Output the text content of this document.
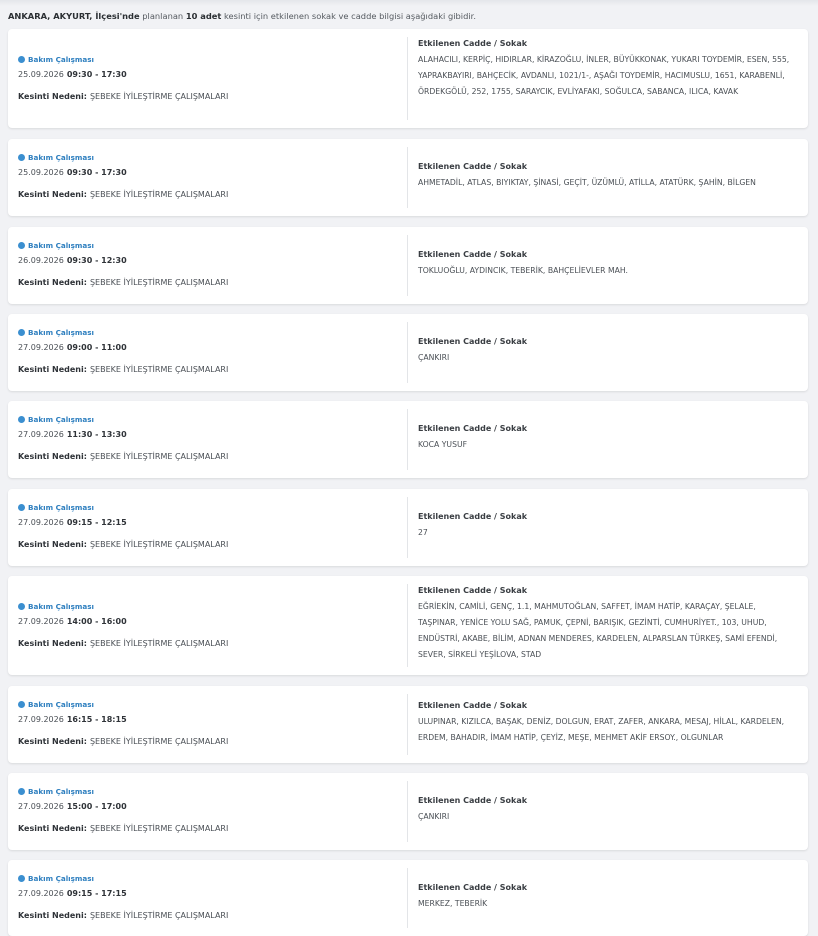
ANKARA, AKYURT, İlçesi'nde planlanan 10 adet kesinti için etkilenen sokak ve cadde bilgisi aşağıdaki gibidir.
Bakım Çalışması
25.09.2026 09:30 - 17:30
Kesinti Nedeni: ŞEBEKE İYİLEŞTİRME ÇALIŞMALARI
Etkilenen Cadde / Sokak
ALAHACILI, KERPİÇ, HIDIRLAR, KİRAZOĞLU, İNLER, BÜYÜKKONAK, YUKARI TOYDEMİR, ESEN, 555, YAPRAKBAYIRI, BAHÇECİK, AVDANLI, 1021/1-, AŞAĞI TOYDEMİR, HACIMUSLU, 1651, KARABENLİ, ÖRDEKGÖLÜ, 252, 1755, SARAYCIK, EVLİYAFAKI, SOĞULCA, SABANCA, ILICA, KAVAK
Bakım Çalışması
25.09.2026 09:30 - 17:30
Kesinti Nedeni: ŞEBEKE İYİLEŞTİRME ÇALIŞMALARI
Etkilenen Cadde / Sokak
AHMETADİL, ATLAS, BIYIKTAY, ŞİNASİ, GEÇİT, ÜZÜMLÜ, ATİLLA, ATATÜRK, ŞAHİN, BİLGEN
Bakım Çalışması
26.09.2026 09:30 - 12:30
Kesinti Nedeni: ŞEBEKE İYİLEŞTİRME ÇALIŞMALARI
Etkilenen Cadde / Sokak
TOKLUOĞLU, AYDINCIK, TEBERİK, BAHÇELİEVLER MAH.
Bakım Çalışması
27.09.2026 09:00 - 11:00
Kesinti Nedeni: ŞEBEKE İYİLEŞTİRME ÇALIŞMALARI
Etkilenen Cadde / Sokak
ÇANKIRI
Bakım Çalışması
27.09.2026 11:30 - 13:30
Kesinti Nedeni: ŞEBEKE İYİLEŞTİRME ÇALIŞMALARI
Etkilenen Cadde / Sokak
KOCA YUSUF
Bakım Çalışması
27.09.2026 09:15 - 12:15
Kesinti Nedeni: ŞEBEKE İYİLEŞTİRME ÇALIŞMALARI
Etkilenen Cadde / Sokak
27
Bakım Çalışması
27.09.2026 14:00 - 16:00
Kesinti Nedeni: ŞEBEKE İYİLEŞTİRME ÇALIŞMALARI
Etkilenen Cadde / Sokak
EĞRİEKİN, CAMİLİ, GENÇ, 1.1, MAHMUTOĞLAN, SAFFET, İMAM HATİP, KARAÇAY, ŞELALE, TAŞPINAR, YENİCE YOLU SAĞ, PAMUK, ÇEPNİ, BARIŞIK, GEZİNTİ, CUMHURİYET., 103, UHUD, ENDÜSTRİ, AKABE, BİLİM, ADNAN MENDERES, KARDELEN, ALPARSLAN TÜRKEŞ, SAMİ EFENDİ, SEVER, SİRKELİ YEŞİLOVA, STAD
Bakım Çalışması
27.09.2026 16:15 - 18:15
Kesinti Nedeni: ŞEBEKE İYİLEŞTİRME ÇALIŞMALARI
Etkilenen Cadde / Sokak
ULUPINAR, KIZILCA, BAŞAK, DENİZ, DOLGUN, ERAT, ZAFER, ANKARA, MESAJ, HİLAL, KARDELEN, ERDEM, BAHADIR, İMAM HATİP, ÇEYİZ, MEŞE, MEHMET AKİF ERSOY., OLGUNLAR
Bakım Çalışması
27.09.2026 15:00 - 17:00
Kesinti Nedeni: ŞEBEKE İYİLEŞTİRME ÇALIŞMALARI
Etkilenen Cadde / Sokak
ÇANKIRI
Bakım Çalışması
27.09.2026 09:15 - 17:15
Kesinti Nedeni: ŞEBEKE İYİLEŞTİRME ÇALIŞMALARI
Etkilenen Cadde / Sokak
MERKEZ, TEBERİK
